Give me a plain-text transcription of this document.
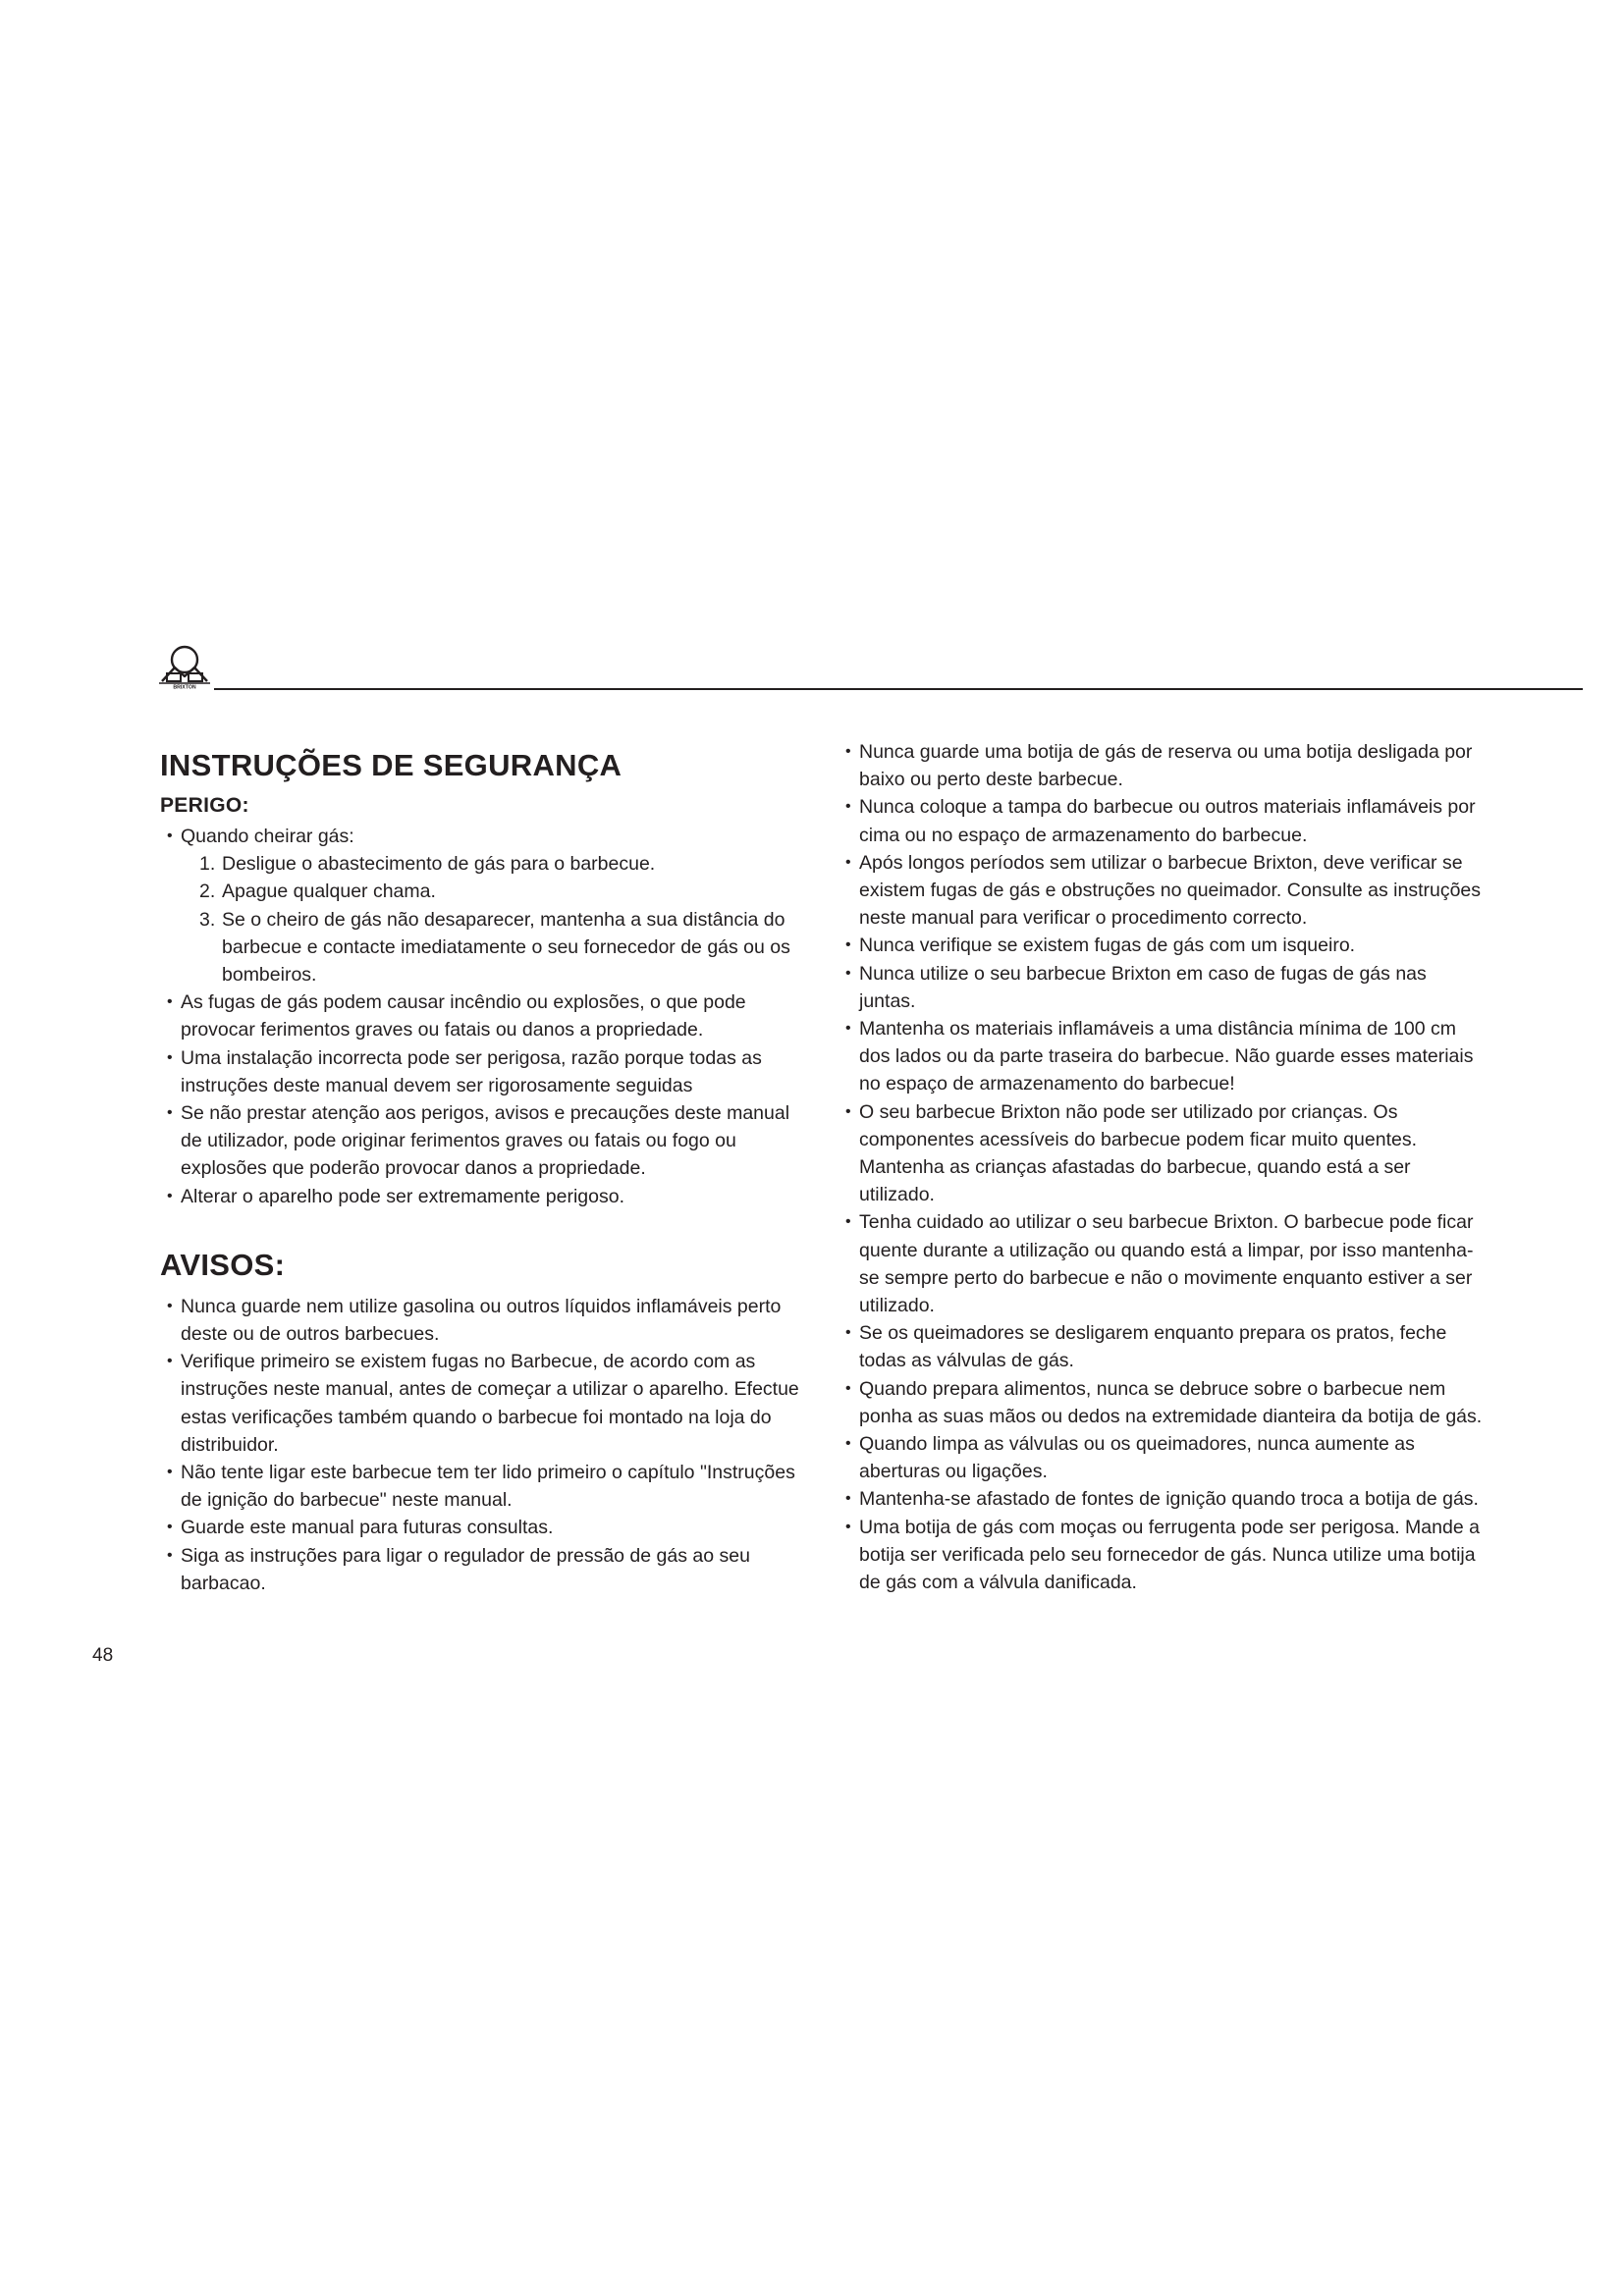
BRIXTON
INSTRUÇÕES DE SEGURANÇA
PERIGO:
• Quando cheirar gás:
1. Desligue o abastecimento de gás para o barbecue.
2. Apague qualquer chama.
3. Se o cheiro de gás não desaparecer, mantenha a sua distância do barbecue e contacte imediatamente o seu fornecedor de gás ou os bombeiros.
• As fugas de gás podem causar incêndio ou explosões, o que pode provocar ferimentos graves ou fatais ou danos a propriedade.
• Uma instalação incorrecta pode ser perigosa, razão porque todas as instruções deste manual devem ser rigorosamente seguidas
• Se não prestar atenção aos perigos, avisos e precauções deste manual de utilizador, pode originar ferimentos graves ou fatais ou fogo ou explosões que poderão provocar danos a propriedade.
• Alterar o aparelho pode ser extremamente perigoso.
AVISOS:
• Nunca guarde nem utilize gasolina ou outros líquidos inflamáveis perto deste ou de outros barbecues.
• Verifique primeiro se existem fugas no Barbecue, de acordo com as instruções neste manual, antes de começar a utilizar o aparelho. Efectue estas verificações também quando o barbecue foi montado na loja do distribuidor.
• Não tente ligar este barbecue tem ter lido primeiro o capítulo "Instruções de ignição do barbecue" neste manual.
• Guarde este manual para futuras consultas.
• Siga as instruções para ligar o regulador de pressão de gás ao seu barbacao.
• Nunca guarde uma botija de gás de reserva ou uma botija desligada por baixo ou perto deste barbecue.
• Nunca coloque a tampa do barbecue ou outros materiais inflamáveis por cima ou no espaço de armazenamento do barbecue.
• Após longos períodos sem utilizar o barbecue Brixton, deve verificar se existem fugas de gás e obstruções no queimador. Consulte as instruções neste manual para verificar o procedimento correcto.
• Nunca verifique se existem fugas de gás com um isqueiro.
• Nunca utilize o seu barbecue Brixton em caso de fugas de gás nas juntas.
• Mantenha os materiais inflamáveis a uma distância mínima de 100 cm dos lados ou da parte traseira do barbecue. Não guarde esses materiais no espaço de armazenamento do barbecue!
• O seu barbecue Brixton não pode ser utilizado por crianças. Os componentes acessíveis do barbecue podem ficar muito quentes. Mantenha as crianças afastadas do barbecue, quando está a ser utilizado.
• Tenha cuidado ao utilizar o seu barbecue Brixton. O barbecue pode ficar quente durante a utilização ou quando está a limpar, por isso mantenha-se sempre perto do barbecue e não o movimente enquanto estiver a ser utilizado.
• Se os queimadores se desligarem enquanto prepara os pratos, feche todas as válvulas de gás.
• Quando prepara alimentos, nunca se debruce sobre o barbecue nem ponha as suas mãos ou dedos na extremidade dianteira da botija de gás.
• Quando limpa as válvulas ou os queimadores, nunca aumente as aberturas ou ligações.
• Mantenha-se afastado de fontes de ignição quando troca a botija de gás.
• Uma botija de gás com moças ou ferrugenta pode ser perigosa. Mande a botija ser verificada pelo seu fornecedor de gás. Nunca utilize uma botija de gás com a válvula danificada.
48
